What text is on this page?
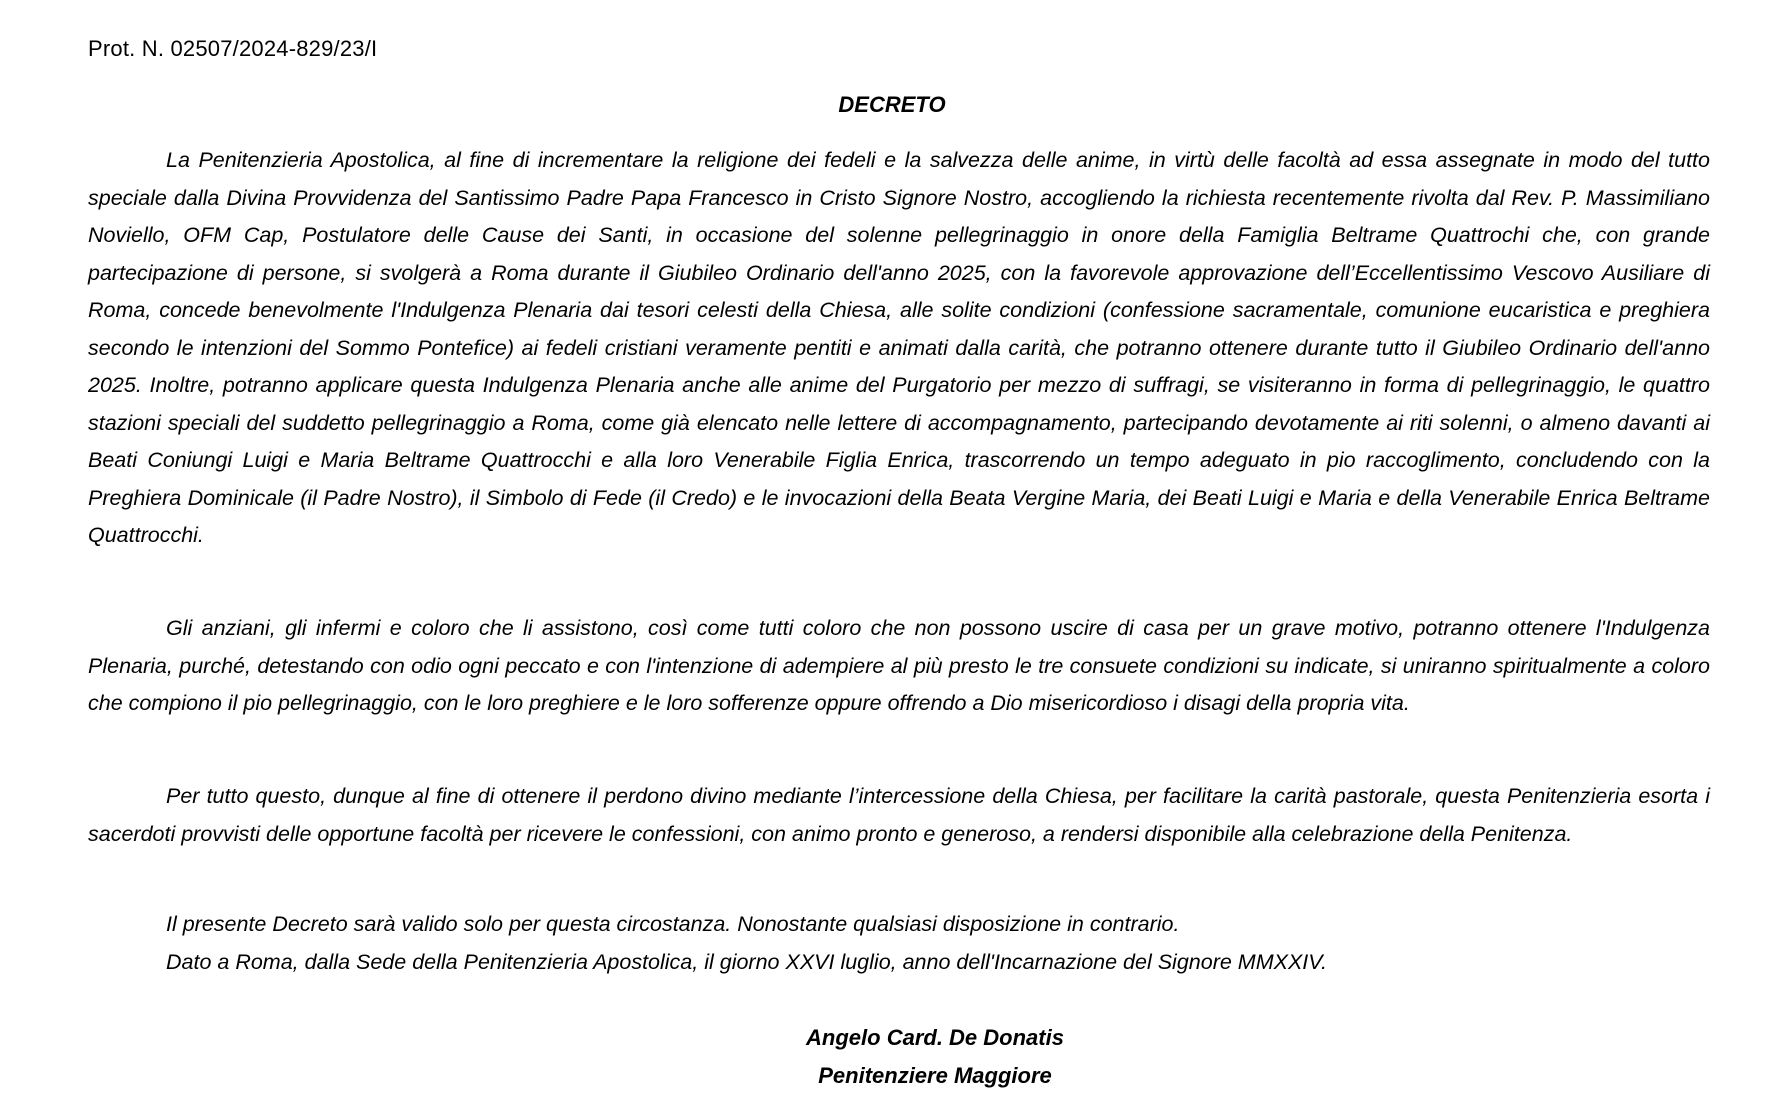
Prot. N. 02507/2024-829/23/I
DECRETO

La Penitenzieria Apostolica, al fine di incrementare la religione dei fedeli e la salvezza delle anime, in virtù delle facoltà ad essa assegnate in modo del tutto speciale dalla Divina Provvidenza del Santissimo Padre Papa Francesco in Cristo Signore Nostro, accogliendo la richiesta recentemente rivolta dal Rev. P. Massimiliano Noviello, OFM Cap, Postulatore delle Cause dei Santi, in occasione del solenne pellegrinaggio in onore della Famiglia Beltrame Quattrochi che, con grande partecipazione di persone, si svolgerà a Roma durante il Giubileo Ordinario dell'anno 2025, con la favorevole approvazione dell’Eccellentissimo Vescovo Ausiliare di Roma, concede benevolmente l'Indulgenza Plenaria dai tesori celesti della Chiesa, alle solite condizioni (confessione sacramentale, comunione eucaristica e preghiera secondo le intenzioni del Sommo Pontefice) ai fedeli cristiani veramente pentiti e animati dalla carità, che potranno ottenere durante tutto il Giubileo Ordinario dell'anno 2025. Inoltre, potranno applicare questa Indulgenza Plenaria anche alle anime del Purgatorio per mezzo di suffragi, se visiteranno in forma di pellegrinaggio, le quattro stazioni speciali del suddetto pellegrinaggio a Roma, come già elencato nelle lettere di accompagnamento, partecipando devotamente ai riti solenni, o almeno davanti ai Beati Coniungi Luigi e Maria Beltrame Quattrocchi e alla loro Venerabile Figlia Enrica, trascorrendo un tempo adeguato in pio raccoglimento, concludendo con la Preghiera Dominicale (il Padre Nostro), il Simbolo di Fede (il Credo) e le invocazioni della Beata Vergine Maria, dei Beati Luigi e Maria e della Venerabile Enrica Beltrame Quattrocchi.

Gli anziani, gli infermi e coloro che li assistono, così come tutti coloro che non possono uscire di casa per un grave motivo, potranno ottenere l'Indulgenza Plenaria, purché, detestando con odio ogni peccato e con l'intenzione di adempiere al più presto le tre consuete condizioni su indicate, si uniranno spiritualmente a coloro che compiono il pio pellegrinaggio, con le loro preghiere e le loro sofferenze oppure offrendo a Dio misericordioso i disagi della propria vita.

Per tutto questo, dunque al fine di ottenere il perdono divino mediante l’intercessione della Chiesa, per facilitare la carità pastorale, questa Penitenzieria esorta i sacerdoti provvisti delle opportune facoltà per ricevere le confessioni, con animo pronto e generoso, a rendersi disponibile alla celebrazione della Penitenza.

Il presente Decreto sarà valido solo per questa circostanza. Nonostante qualsiasi disposizione in contrario.
Dato a Roma, dalla Sede della Penitenzieria Apostolica, il giorno XXVI luglio, anno dell'Incarnazione del Signore MMXXIV.
Angelo Card. De Donatis
Penitenziere Maggiore
